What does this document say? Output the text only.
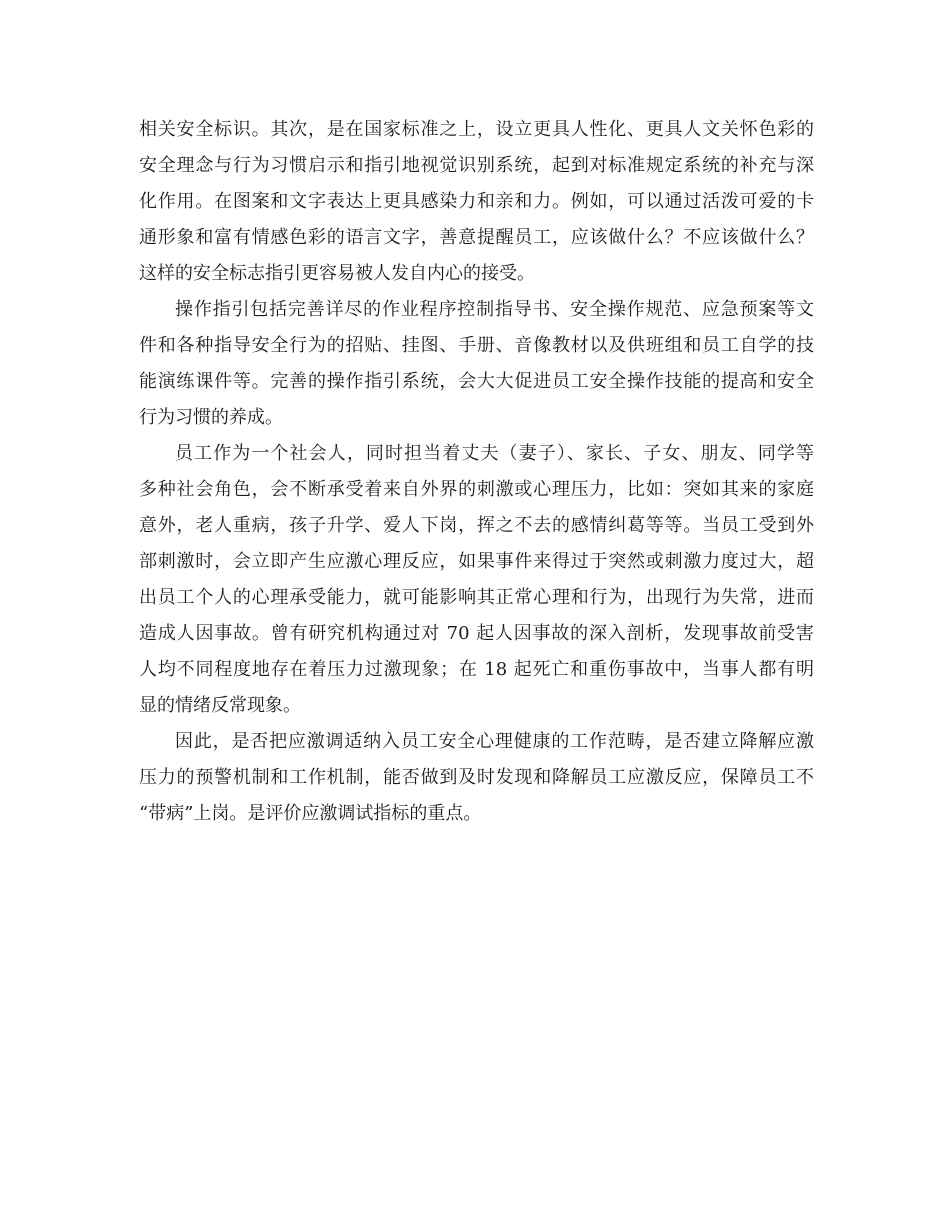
相关安全标识。其次，是在国家标准之上，设立更具人性化、更具人文关怀色彩的
安全理念与行为习惯启示和指引地视觉识别系统，起到对标准规定系统的补充与深
化作用。在图案和文字表达上更具感染力和亲和力。例如，可以通过活泼可爱的卡
通形象和富有情感色彩的语言文字，善意提醒员工，应该做什么？不应该做什么？
这样的安全标志指引更容易被人发自内心的接受。
操作指引包括完善详尽的作业程序控制指导书、安全操作规范、应急预案等文
件和各种指导安全行为的招贴、挂图、手册、音像教材以及供班组和员工自学的技
能演练课件等。完善的操作指引系统，会大大促进员工安全操作技能的提高和安全
行为习惯的养成。
员工作为一个社会人，同时担当着丈夫（妻子）、家长、子女、朋友、同学等
多种社会角色，会不断承受着来自外界的刺激或心理压力，比如：突如其来的家庭
意外，老人重病，孩子升学、爱人下岗，挥之不去的感情纠葛等等。当员工受到外
部刺激时，会立即产生应激心理反应，如果事件来得过于突然或刺激力度过大，超
出员工个人的心理承受能力，就可能影响其正常心理和行为，出现行为失常，进而
造成人因事故。曾有研究机构通过对 70 起人因事故的深入剖析，发现事故前受害
人均不同程度地存在着压力过激现象；在 18 起死亡和重伤事故中，当事人都有明
显的情绪反常现象。
因此，是否把应激调适纳入员工安全心理健康的工作范畴，是否建立降解应激
压力的预警机制和工作机制，能否做到及时发现和降解员工应激反应，保障员工不
“带病”上岗。是评价应激调试指标的重点。
